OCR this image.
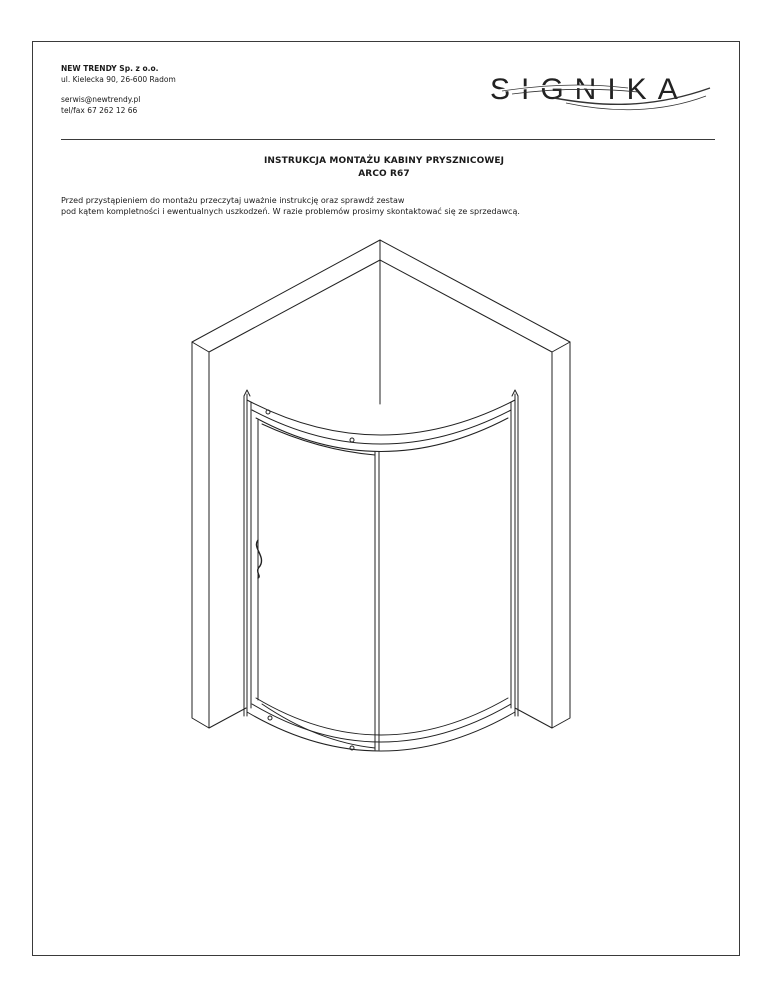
NEW TRENDY Sp. z o.o.
ul. Kielecka 90, 26-600 Radom
serwis@newtrendy.pl
tel/fax 67 262 12 66
SIGNIKA
INSTRUKCJA MONTAŻU KABINY PRYSZNICOWEJ
ARCO R67
Przed przystąpieniem do montażu przeczytaj uważnie instrukcję oraz sprawdź zestaw
pod kątem kompletności i ewentualnych uszkodzeń. W razie problemów prosimy skontaktować się ze sprzedawcą.
